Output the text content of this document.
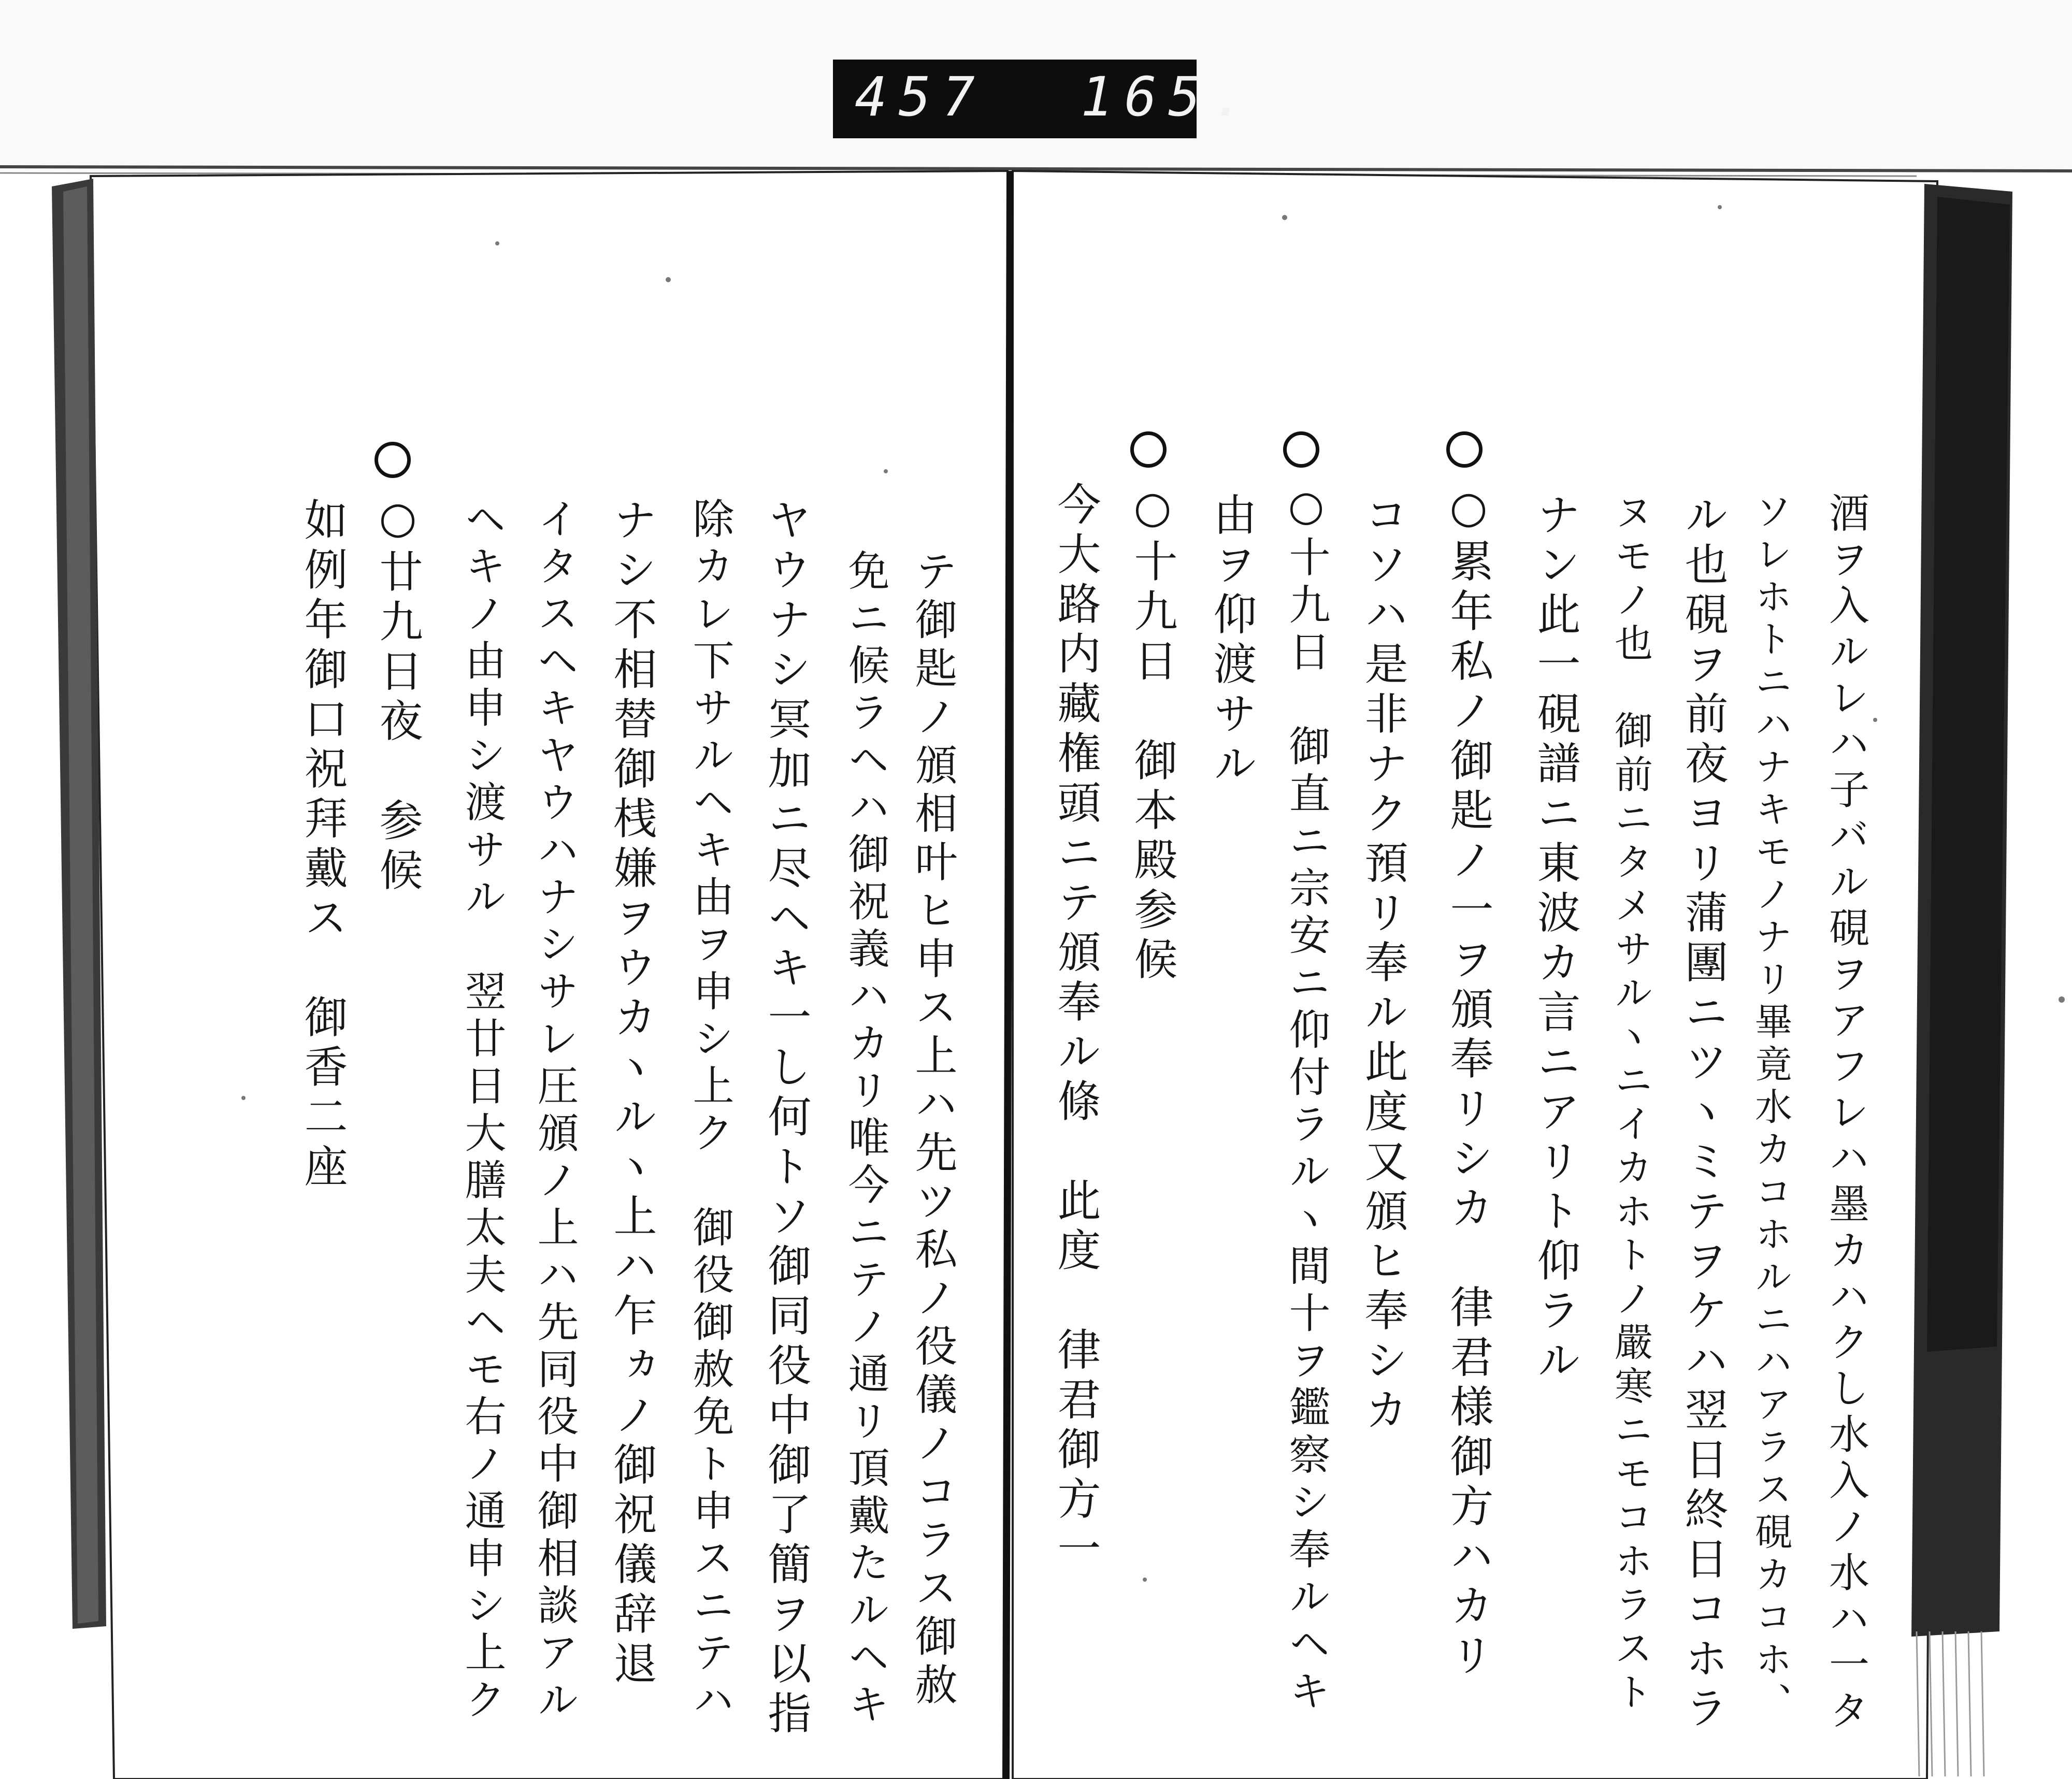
457 165.
酒ヲ入ルレハ子バル硯ヲアフレハ墨カハクし水入ノ水ハ一タ
ソレホトニハナキモノナリ畢竟水カコホルニハアラス硯カコホ、
ル也硯ヲ前夜ヨリ蒲團ニツヽミテヲケハ翌日終日コホラ
ヌモノ也　御前ニタメサルヽニイカホトノ嚴寒ニモコホラスト
ナン此一硯譜ニ東波カ言ニアリト仰ラル
○累年私ノ御匙ノ一ヲ頒奉リシカ　律君様御方ハカリ
コソハ是非ナク預リ奉ル此度又頒ヒ奉シカ
○十九日　御直ニ宗安ニ仰付ラルヽ間十ヲ鑑察シ奉ルヘキ
由ヲ仰渡サル
○十九日　御本殿参候
今大路内藏権頭ニテ頒奉ル條　此度　律君御方一
テ御匙ノ頒相叶ヒ申ス上ハ先ツ私ノ役儀ノコラス御赦
免ニ候ラヘハ御祝義ハカリ唯今ニテノ通リ頂戴たルヘキ
ヤウナシ冥加ニ尽ヘキ一し何トソ御同役中御了簡ヲ以指
除カレ下サルヘキ由ヲ申シ上ク　御役御赦免ト申スニテハ
ナシ不相替御桟嫌ヲウカヽルヽ上ハ乍ヵノ御祝儀辞退
イタスヘキヤウハナシサレ圧頒ノ上ハ先同役中御相談アル
ヘキノ由申シ渡サル　翌廿日大膳太夫ヘモ右ノ通申シ上ク
○廿九日夜　参候
如例年御口祝拜戴ス　御香二座
